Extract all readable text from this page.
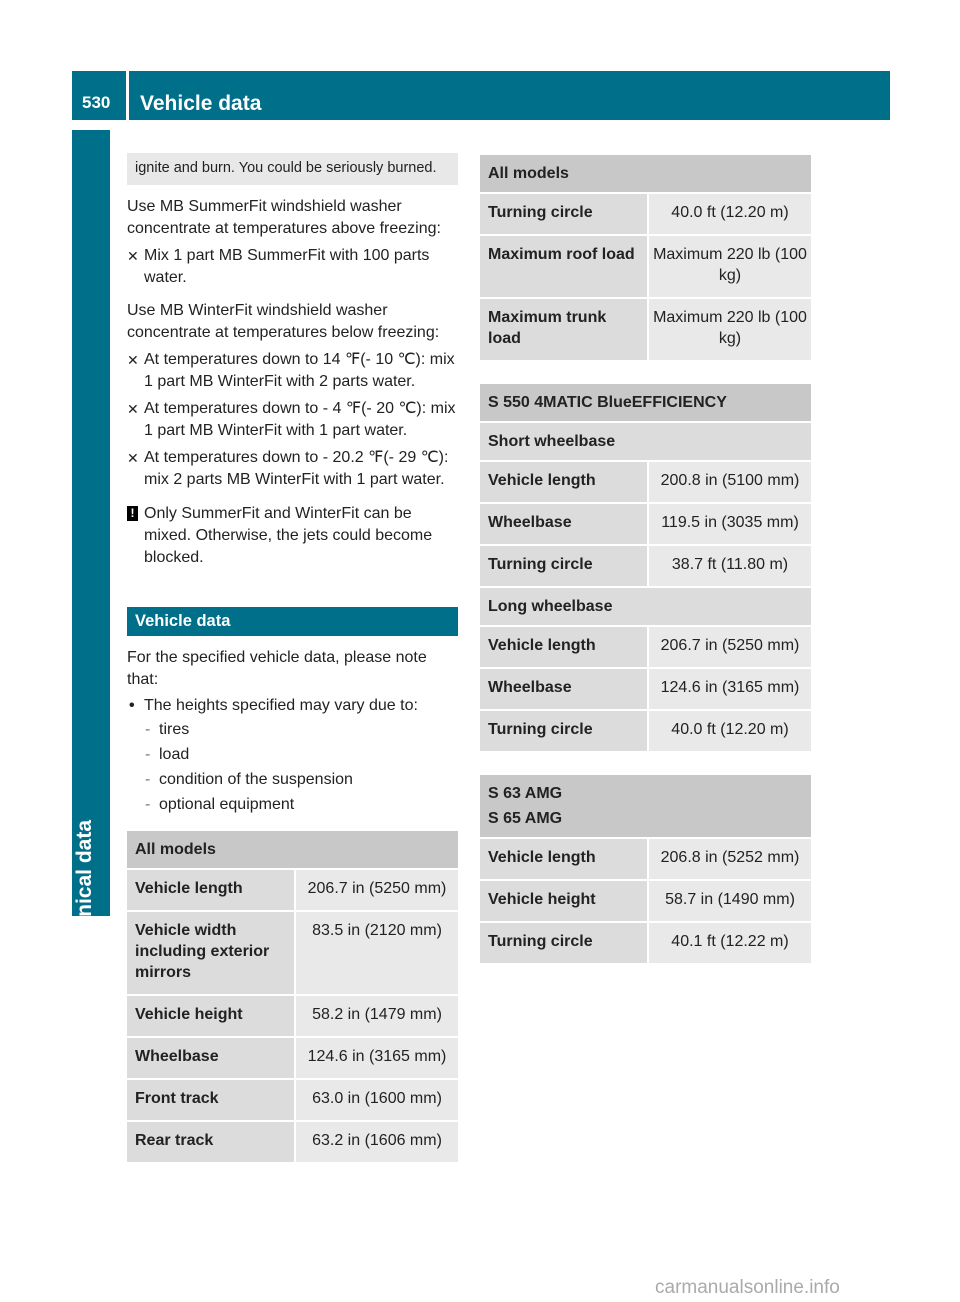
530 Vehicle data
Technical data
ignite and burn. You could be seriously burned.

Use MB SummerFit windshield washer concentrate at temperatures above freezing:

✕ Mix 1 part MB SummerFit with 100 parts water.

Use MB WinterFit windshield washer concentrate at temperatures below freezing:

✕ At temperatures down to 14 ℉(‑ 10 ℃): mix 1 part MB WinterFit with 2 parts water.
✕ At temperatures down to ‑ 4 ℉(‑ 20 ℃): mix 1 part MB WinterFit with 1 part water.
✕ At temperatures down to ‑ 20.2 ℉(‑ 29 ℃): mix 2 parts MB WinterFit with 1 part water.
! Only SummerFit and WinterFit can be mixed. Otherwise, the jets could become blocked.
Vehicle data

For the specified vehicle data, please note that:

• The heights specified may vary due to:
- tires
- load
- condition of the suspension
- optional equipment
All models	
Vehicle length	206.7 in (5250 mm)
Vehicle width including exterior mirrors	83.5 in (2120 mm)
Vehicle height	58.2 in (1479 mm)
Wheelbase	124.6 in (3165 mm)
Front track	63.0 in (1600 mm)
Rear track	63.2 in (1606 mm)
All models	
Turning circle	40.0 ft (12.20 m)
Maximum roof load	Maximum 220 lb (100 kg)
Maximum trunk load	Maximum 220 lb (100 kg)
S 550 4MATIC BlueEFFICIENCY	
Short wheelbase	
Vehicle length	200.8 in (5100 mm)
Wheelbase	119.5 in (3035 mm)
Turning circle	38.7 ft (11.80 m)
Long wheelbase	
Vehicle length	206.7 in (5250 mm)
Wheelbase	124.6 in (3165 mm)
Turning circle	40.0 ft (12.20 m)
S 63 AMG
S 65 AMG	
Vehicle length	206.8 in (5252 mm)
Vehicle height	58.7 in (1490 mm)
Turning circle	40.1 ft (12.22 m)
carmanualsonline.info
